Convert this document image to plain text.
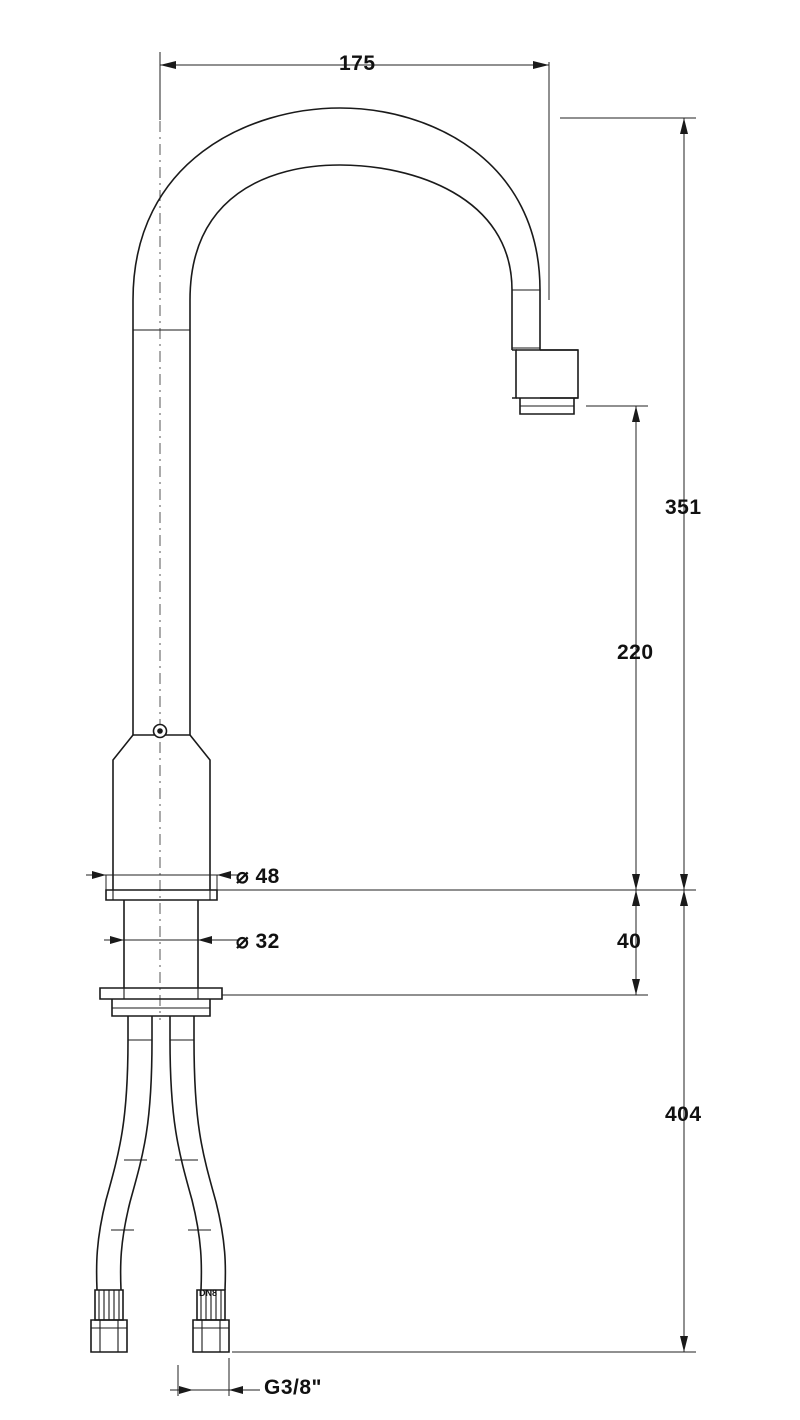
175
351
220
⌀ 48
⌀ 32	40
404
G3/8"
DN8
